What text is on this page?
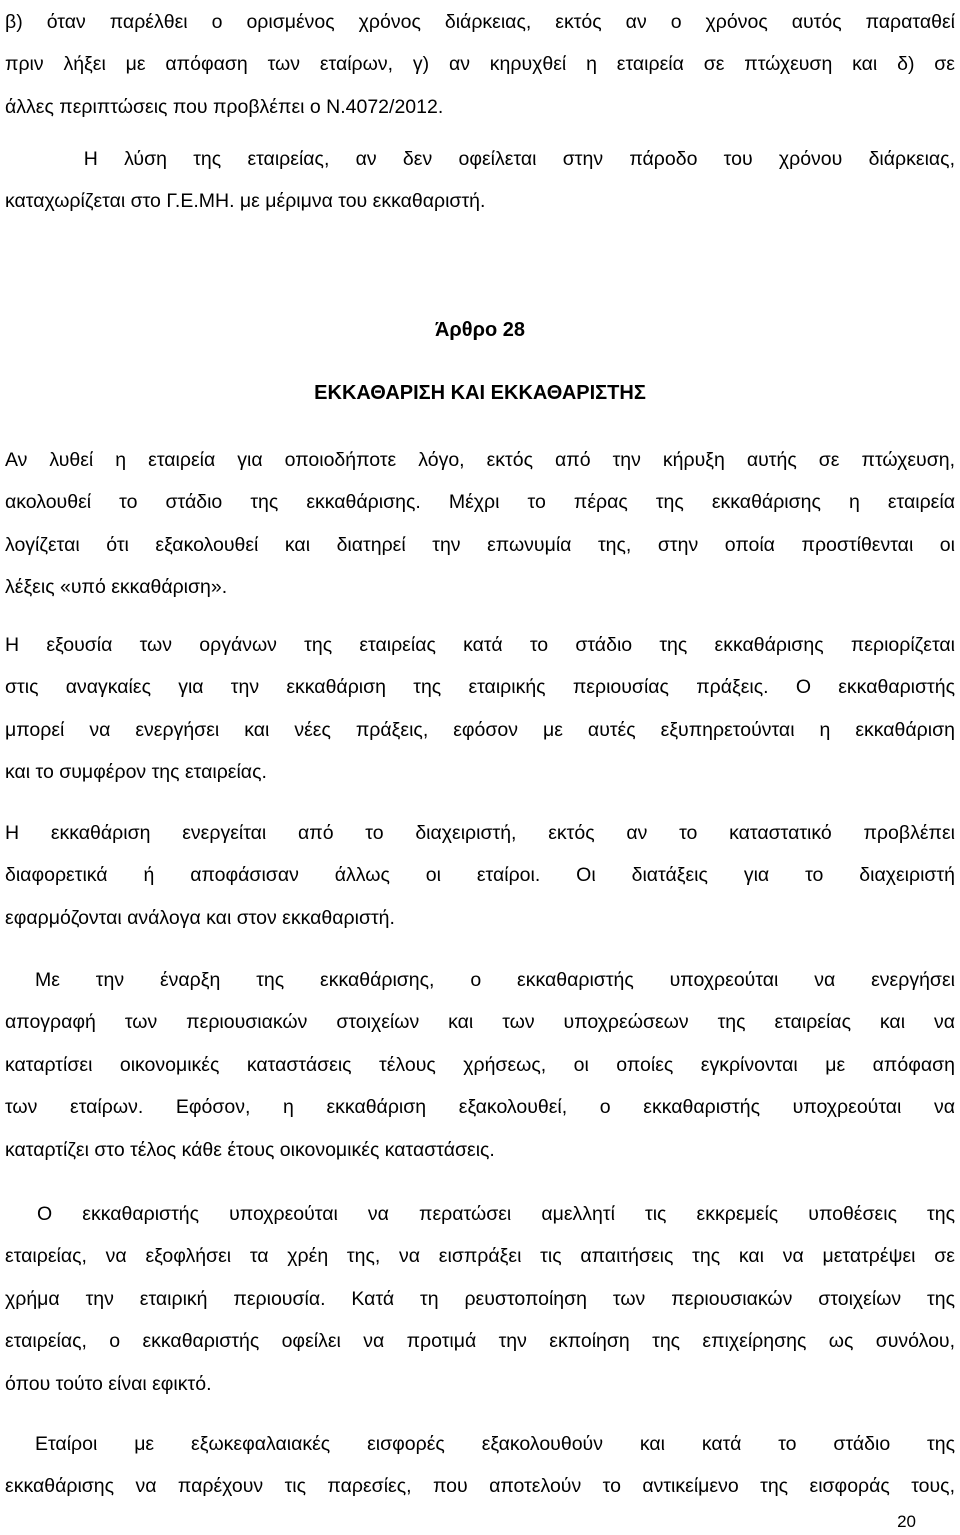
β) όταν παρέλθει ο ορισμένος χρόνος διάρκειας, εκτός αν ο χρόνος αυτός παραταθεί
πριν λήξει με απόφαση των εταίρων, γ) αν κηρυχθεί η εταιρεία σε πτώχευση και δ) σε
άλλες περιπτώσεις που προβλέπει ο Ν.4072/2012.

Η λύση της εταιρείας, αν δεν οφείλεται στην πάροδο του χρόνου διάρκειας,
καταχωρίζεται στο Γ.Ε.ΜΗ. με μέριμνα του εκκαθαριστή.

Άρθρο 28
ΕΚΚΑΘΑΡΙΣΗ ΚΑΙ ΕΚΚΑΘΑΡΙΣΤΗΣ

Αν λυθεί η εταιρεία για οποιοδήποτε λόγο, εκτός από την κήρυξη αυτής σε πτώχευση,
ακολουθεί το στάδιο της εκκαθάρισης. Μέχρι το πέρας της εκκαθάρισης η εταιρεία
λογίζεται ότι εξακολουθεί και διατηρεί την επωνυμία της, στην οποία προστίθενται οι
λέξεις «υπό εκκαθάριση».

Η εξουσία των οργάνων της εταιρείας κατά το στάδιο της εκκαθάρισης περιορίζεται
στις αναγκαίες για την εκκαθάριση της εταιρικής περιουσίας πράξεις. Ο εκκαθαριστής
μπορεί να ενεργήσει και νέες πράξεις, εφόσον με αυτές εξυπηρετούνται η εκκαθάριση
και το συμφέρον της εταιρείας.

Η εκκαθάριση ενεργείται από το διαχειριστή, εκτός αν το καταστατικό προβλέπει
διαφορετικά ή αποφάσισαν άλλως οι εταίροι. Οι διατάξεις για το διαχειριστή
εφαρμόζονται ανάλογα και στον εκκαθαριστή.

Με την έναρξη της εκκαθάρισης, ο εκκαθαριστής υποχρεούται να ενεργήσει
απογραφή των περιουσιακών στοιχείων και των υποχρεώσεων της εταιρείας και να
καταρτίσει οικονομικές καταστάσεις τέλους χρήσεως, οι οποίες εγκρίνονται με απόφαση
των εταίρων. Εφόσον, η εκκαθάριση εξακολουθεί, ο εκκαθαριστής υποχρεούται να
καταρτίζει στο τέλος κάθε έτους οικονομικές καταστάσεις.

Ο εκκαθαριστής υποχρεούται να περατώσει αμελλητί τις εκκρεμείς υποθέσεις της
εταιρείας, να εξοφλήσει τα χρέη της, να εισπράξει τις απαιτήσεις της και να μετατρέψει σε
χρήμα την εταιρική περιουσία. Κατά τη ρευστοποίηση των περιουσιακών στοιχείων της
εταιρείας, ο εκκαθαριστής οφείλει να προτιμά την εκποίηση της επιχείρησης ως συνόλου,
όπου τούτο είναι εφικτό.

Εταίροι με εξωκεφαλαιακές εισφορές εξακολουθούν και κατά το στάδιο της
εκκαθάρισης να παρέχουν τις παρεσίες, που αποτελούν το αντικείμενο της εισφοράς τους,

20
